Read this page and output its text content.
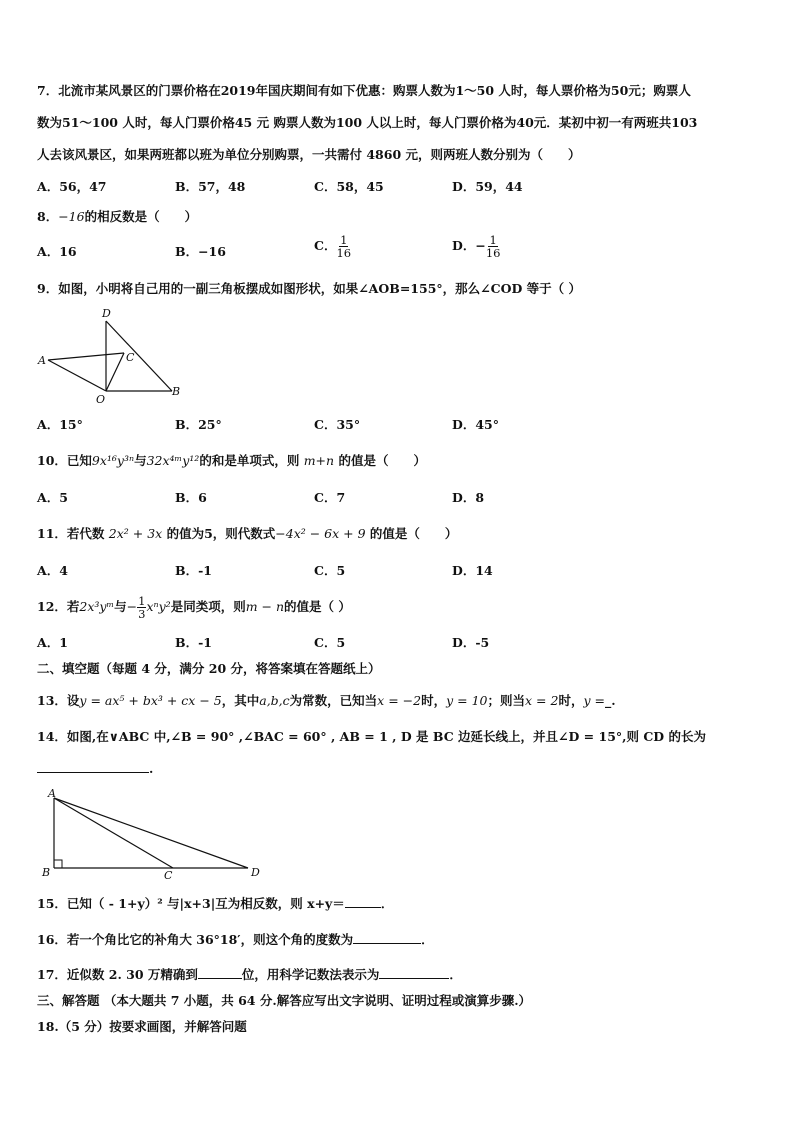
7．北流市某风景区的门票价格在2019年国庆期间有如下优惠：购票人数为1～50 人时，每人票价格为50元；购票人
数为51～100 人时，每人门票价格45 元 购票人数为100 人以上时，每人门票价格为40元．某初中初一有两班共103
人去该风景区，如果两班都以班为单位分别购票，一共需付 4860 元，则两班人数分别为（　　）
A．56，47	B．57，48	C．58，45	D．59，44
8．−16的相反数是（　　）
A．16	B．−16	C． $\frac{1}{16}$	D．− $\frac{1}{16}$
9．如图，小明将自己用的一副三角板摆成如图形状，如果∠AOB=155°，那么∠COD 等于（ ）
D
A	C
O
B
A．15°	B．25°	C．35°	D．45°
10．已知9x¹⁶y³ⁿ与32x⁴ᵐy¹²的和是单项式，则 m+n 的值是（　　）
A．5	B．6	C．7	D．8
11．若代数 2x² + 3x 的值为5，则代数式−4x² − 6x + 9 的值是（　　）
A．4	B．-1	C．5	D．14
12．若2x³yᵐ与− $\frac{1}{3} x^ny^2$是同类项，则m − n的值是（ ）
A．1	B．-1	C．5	D．-5
二、填空题（每题 4 分，满分 20 分，将答案填在答题纸上）
13．设y = ax⁵ + bx³ + cx − 5，其中a,b,c为常数，已知当x = −2时，y = 10；则当x = 2时，y =_.
14．如图,在∨ABC 中,∠B = 90° ,∠BAC = 60° , AB = 1 , D 是 BC 边延长线上，并且∠D = 15°,则 CD 的长为
.
A
B	C	D
15．已知（ - 1+y）² 与|x+3|互为相反数，则 x+y＝	．
16．若一个角比它的补角大 36°18′，则这个角的度数为	．
17．近似数 2. 30 万精确到	位，用科学记数法表示为	．
三、解答题 （本大题共 7 小题，共 64 分.解答应写出文字说明、证明过程或演算步骤.）
18.（5 分）按要求画图，并解答问题
